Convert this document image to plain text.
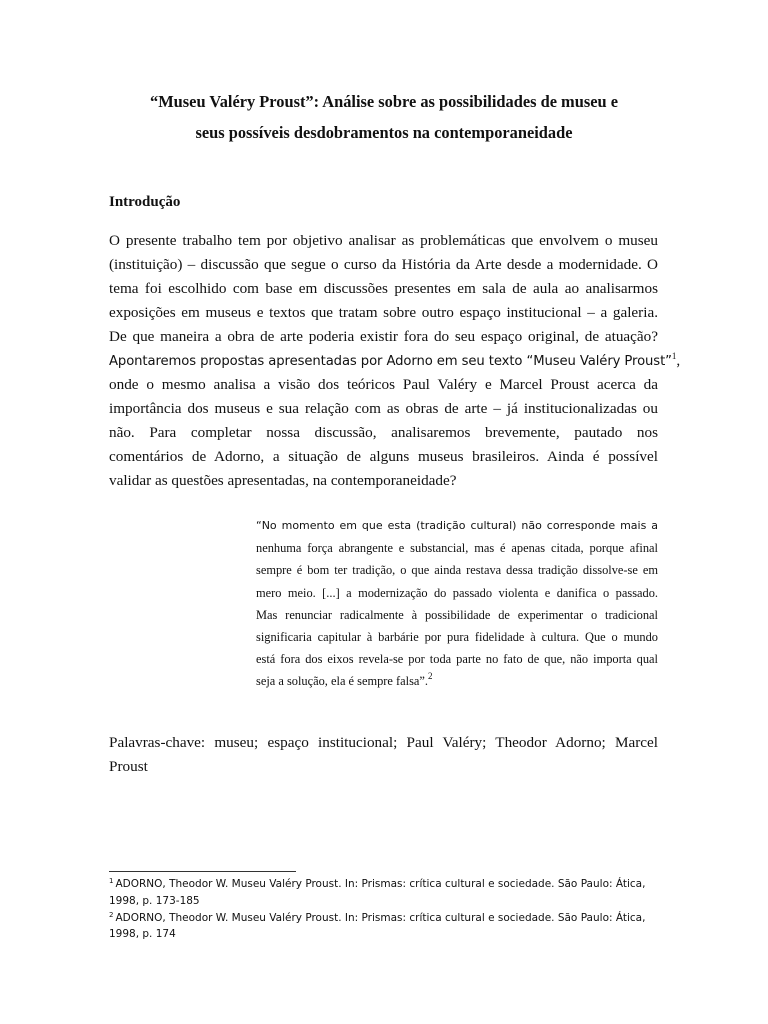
“Museu Valéry Proust”: Análise sobre as possibilidades de museu e
seus possíveis desdobramentos na contemporaneidade
Introdução
O presente trabalho tem por objetivo analisar as problemáticas que envolvem o museu
(instituição) – discussão que segue o curso da História da Arte desde a modernidade. O
tema foi escolhido com base em discussões presentes em sala de aula ao analisarmos
exposições em museus e textos que tratam sobre outro espaço institucional – a galeria.
De que maneira a obra de arte poderia existir fora do seu espaço original, de atuação?
Apontaremos propostas apresentadas por Adorno em seu texto “Museu Valéry Proust”$^1$,
onde o mesmo analisa a visão dos teóricos Paul Valéry e Marcel Proust acerca da
importância dos museus e sua relação com as obras de arte – já institucionalizadas ou
não. Para completar nossa discussão, analisaremos brevemente, pautado nos
comentários de Adorno, a situação de alguns museus brasileiros. Ainda é possível
validar as questões apresentadas, na contemporaneidade?
“No momento em que esta (tradição cultural) não corresponde mais a
nenhuma força abrangente e substancial, mas é apenas citada, porque afinal
sempre é bom ter tradição, o que ainda restava dessa tradição dissolve-se em
mero meio. [...] a modernização do passado violenta e danifica o passado.
Mas renunciar radicalmente à possibilidade de experimentar o tradicional
significaria capitular à barbárie por pura fidelidade à cultura. Que o mundo
está fora dos eixos revela-se por toda parte no fato de que, não importa qual
seja a solução, ela é sempre falsa”.$^2$
Palavras-chave: museu; espaço institucional; Paul Valéry; Theodor Adorno; Marcel
Proust
$^1$ ADORNO, Theodor W. Museu Valéry Proust. In: Prismas: crítica cultural e sociedade. São Paulo: Ática,
1998, p. 173-185
$^2$ ADORNO, Theodor W. Museu Valéry Proust. In: Prismas: crítica cultural e sociedade. São Paulo: Ática,
1998, p. 174
